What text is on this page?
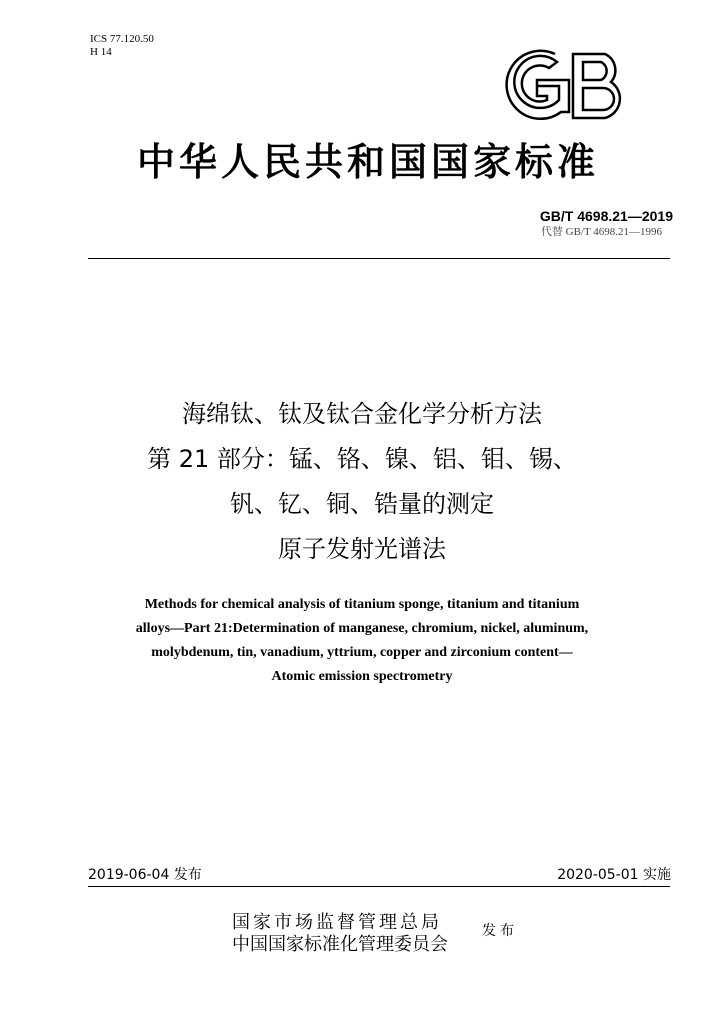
ICS 77.120.50
H 14
中华人民共和国国家标准
GB/T 4698.21—2019
代替 GB/T 4698.21—1996
海绵钛、钛及钛合金化学分析方法
第 21 部分：锰、铬、镍、铝、钼、锡、
钒、钇、铜、锆量的测定
原子发射光谱法
Methods for chemical analysis of titanium sponge, titanium and titanium
alloys—Part 21:Determination of manganese, chromium, nickel, aluminum,
molybdenum, tin, vanadium, yttrium, copper and zirconium content—
Atomic emission spectrometry
2019-06-04 发布	2020-05-01 实施
国家市场监督管理总局
中国国家标准化管理委员会
发布
